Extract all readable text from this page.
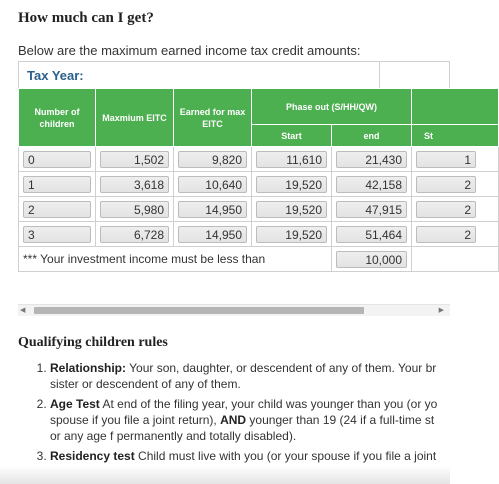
How much can I get?
Below are the maximum earned income tax credit amounts:
Tax Year:
Number of children	Maxmium EITC	Earned for max EITC	Phase out (S/HH/QW)		
			Start	end	St

0	1,502	9,820	11,610	21,430	1

1	3,618	10,640	19,520	42,158	2

2	5,980	14,950	19,520	47,915	2

3	6,728	14,950	19,520	51,464	2

*** Your investment income must be less than				10,000	

◀	▶
Qualifying children rules
1. Relationship: Your son, daughter, or descendent of any of them. Your br
sister or descendent of any of them.
2. Age Test At end of the filing year, your child was younger than you (or yo
spouse if you file a joint return), AND younger than 19 (24 if a full-time st
or any age f permanently and totally disabled).
3. Residency test Child must live with you (or your spouse if you file a joint
